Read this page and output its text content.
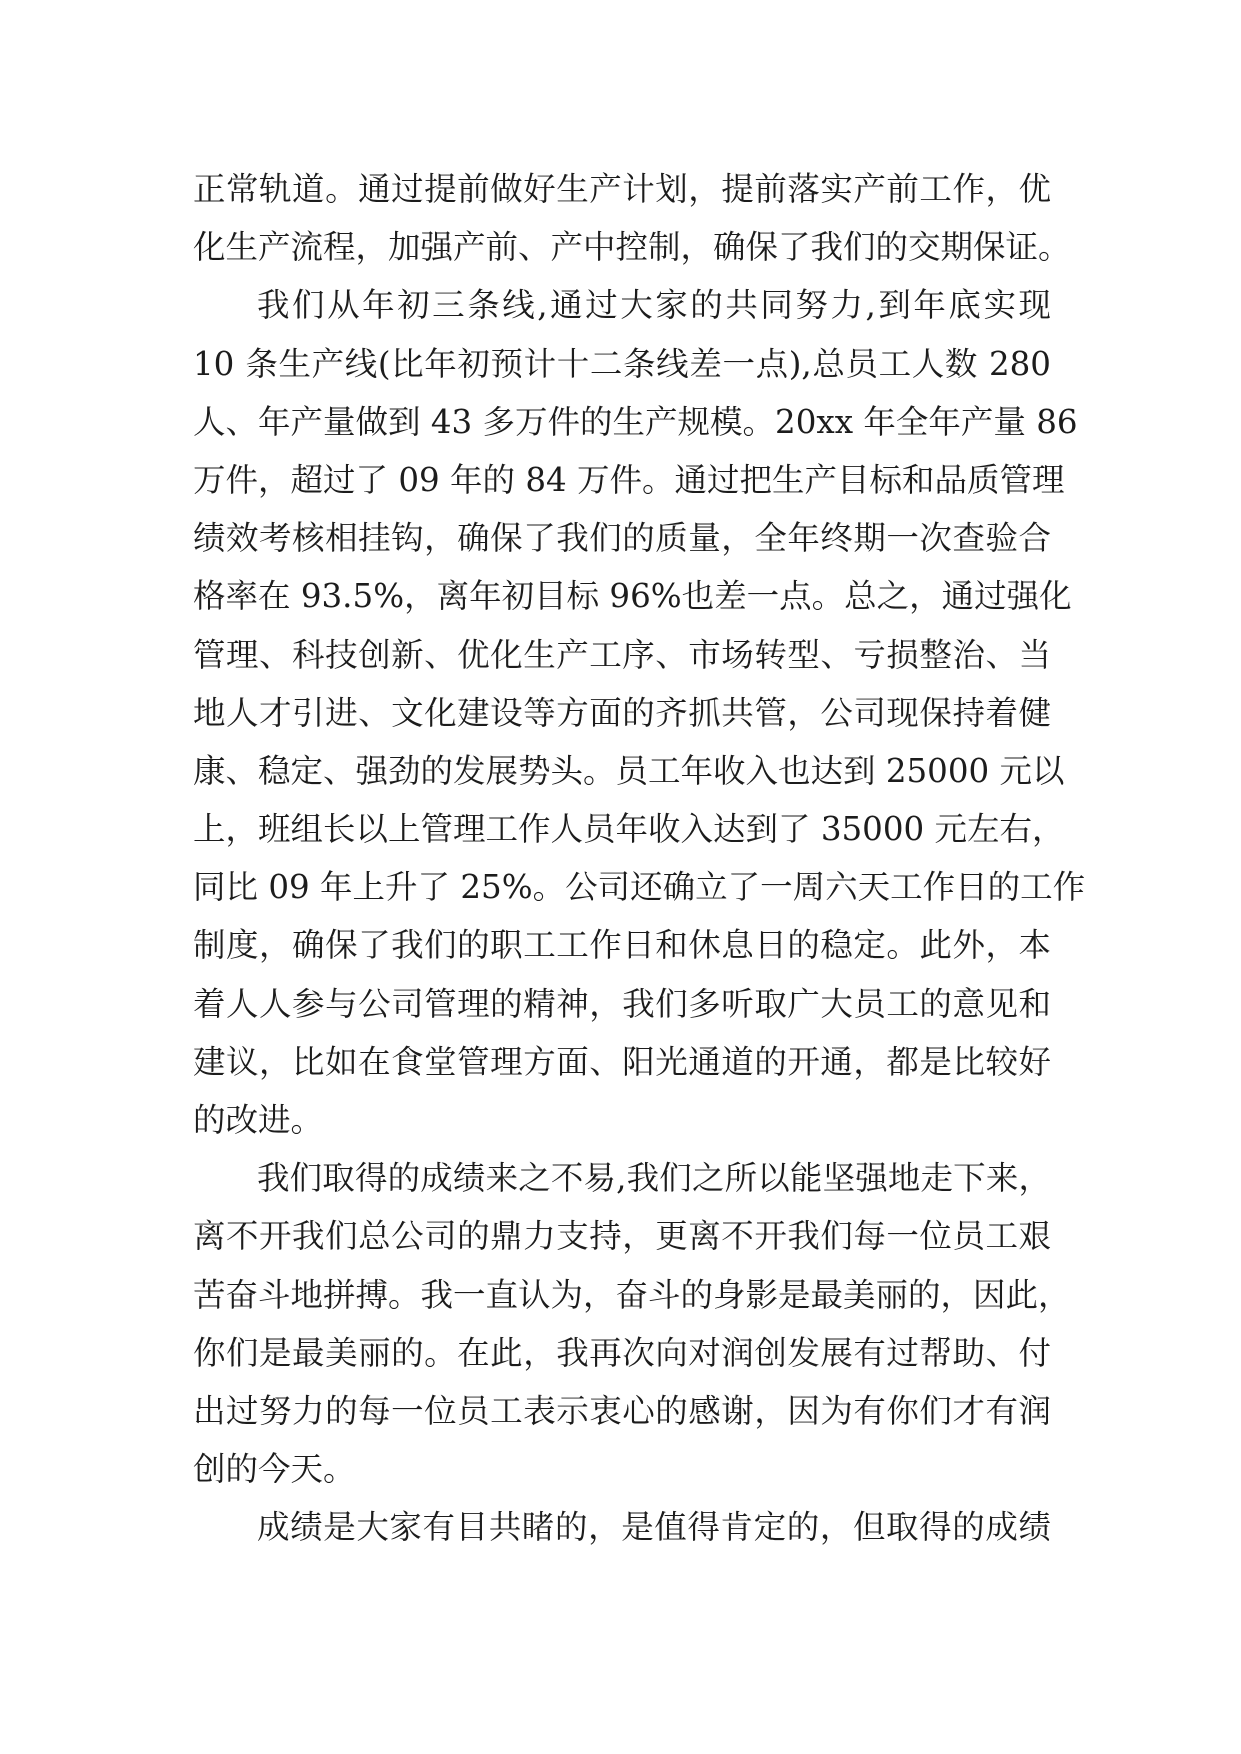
正常轨道。通过提前做好生产计划，提前落实产前工作，优
化生产流程，加强产前、产中控制，确保了我们的交期保证。
我们从年初三条线,通过大家的共同努力,到年底实现
10 条生产线(比年初预计十二条线差一点),总员工人数 280
人、年产量做到 43 多万件的生产规模。20xx 年全年产量 86
万件，超过了 09 年的 84 万件。通过把生产目标和品质管理
绩效考核相挂钩，确保了我们的质量，全年终期一次查验合
格率在 93.5%，离年初目标 96%也差一点。总之，通过强化
管理、科技创新、优化生产工序、市场转型、亏损整治、当
地人才引进、文化建设等方面的齐抓共管，公司现保持着健
康、稳定、强劲的发展势头。员工年收入也达到 25000 元以
上，班组长以上管理工作人员年收入达到了 35000 元左右，
同比 09 年上升了 25%。公司还确立了一周六天工作日的工作
制度，确保了我们的职工工作日和休息日的稳定。此外，本
着人人参与公司管理的精神，我们多听取广大员工的意见和
建议，比如在食堂管理方面、阳光通道的开通，都是比较好
的改进。
我们取得的成绩来之不易,我们之所以能坚强地走下来，
离不开我们总公司的鼎力支持，更离不开我们每一位员工艰
苦奋斗地拼搏。我一直认为，奋斗的身影是最美丽的，因此，
你们是最美丽的。在此，我再次向对润创发展有过帮助、付
出过努力的每一位员工表示衷心的感谢，因为有你们才有润
创的今天。
成绩是大家有目共睹的，是值得肯定的，但取得的成绩
